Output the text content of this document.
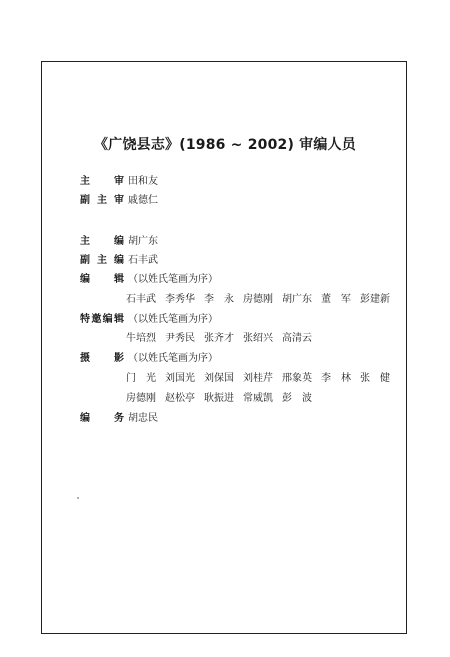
《广饶县志》(1986 ~ 2002) 审编人员
主　审 田和友
副主审 戚德仁
主　编 胡广东
副主编 石丰武
编　辑 （以姓氏笔画为序）
石丰武 李秀华 李　永 房德刚 胡广东 董　军 彭建新
特邀编辑 （以姓氏笔画为序）
牛培烈 尹秀民 张齐才 张绍兴 高清云
摄　影 （以姓氏笔画为序）
门　光 刘国光 刘保国 刘桂芹 邢象英 李　林 张　健
房德刚 赵松亭 耿振进 常威凯 彭　波
编　务 胡忠民
